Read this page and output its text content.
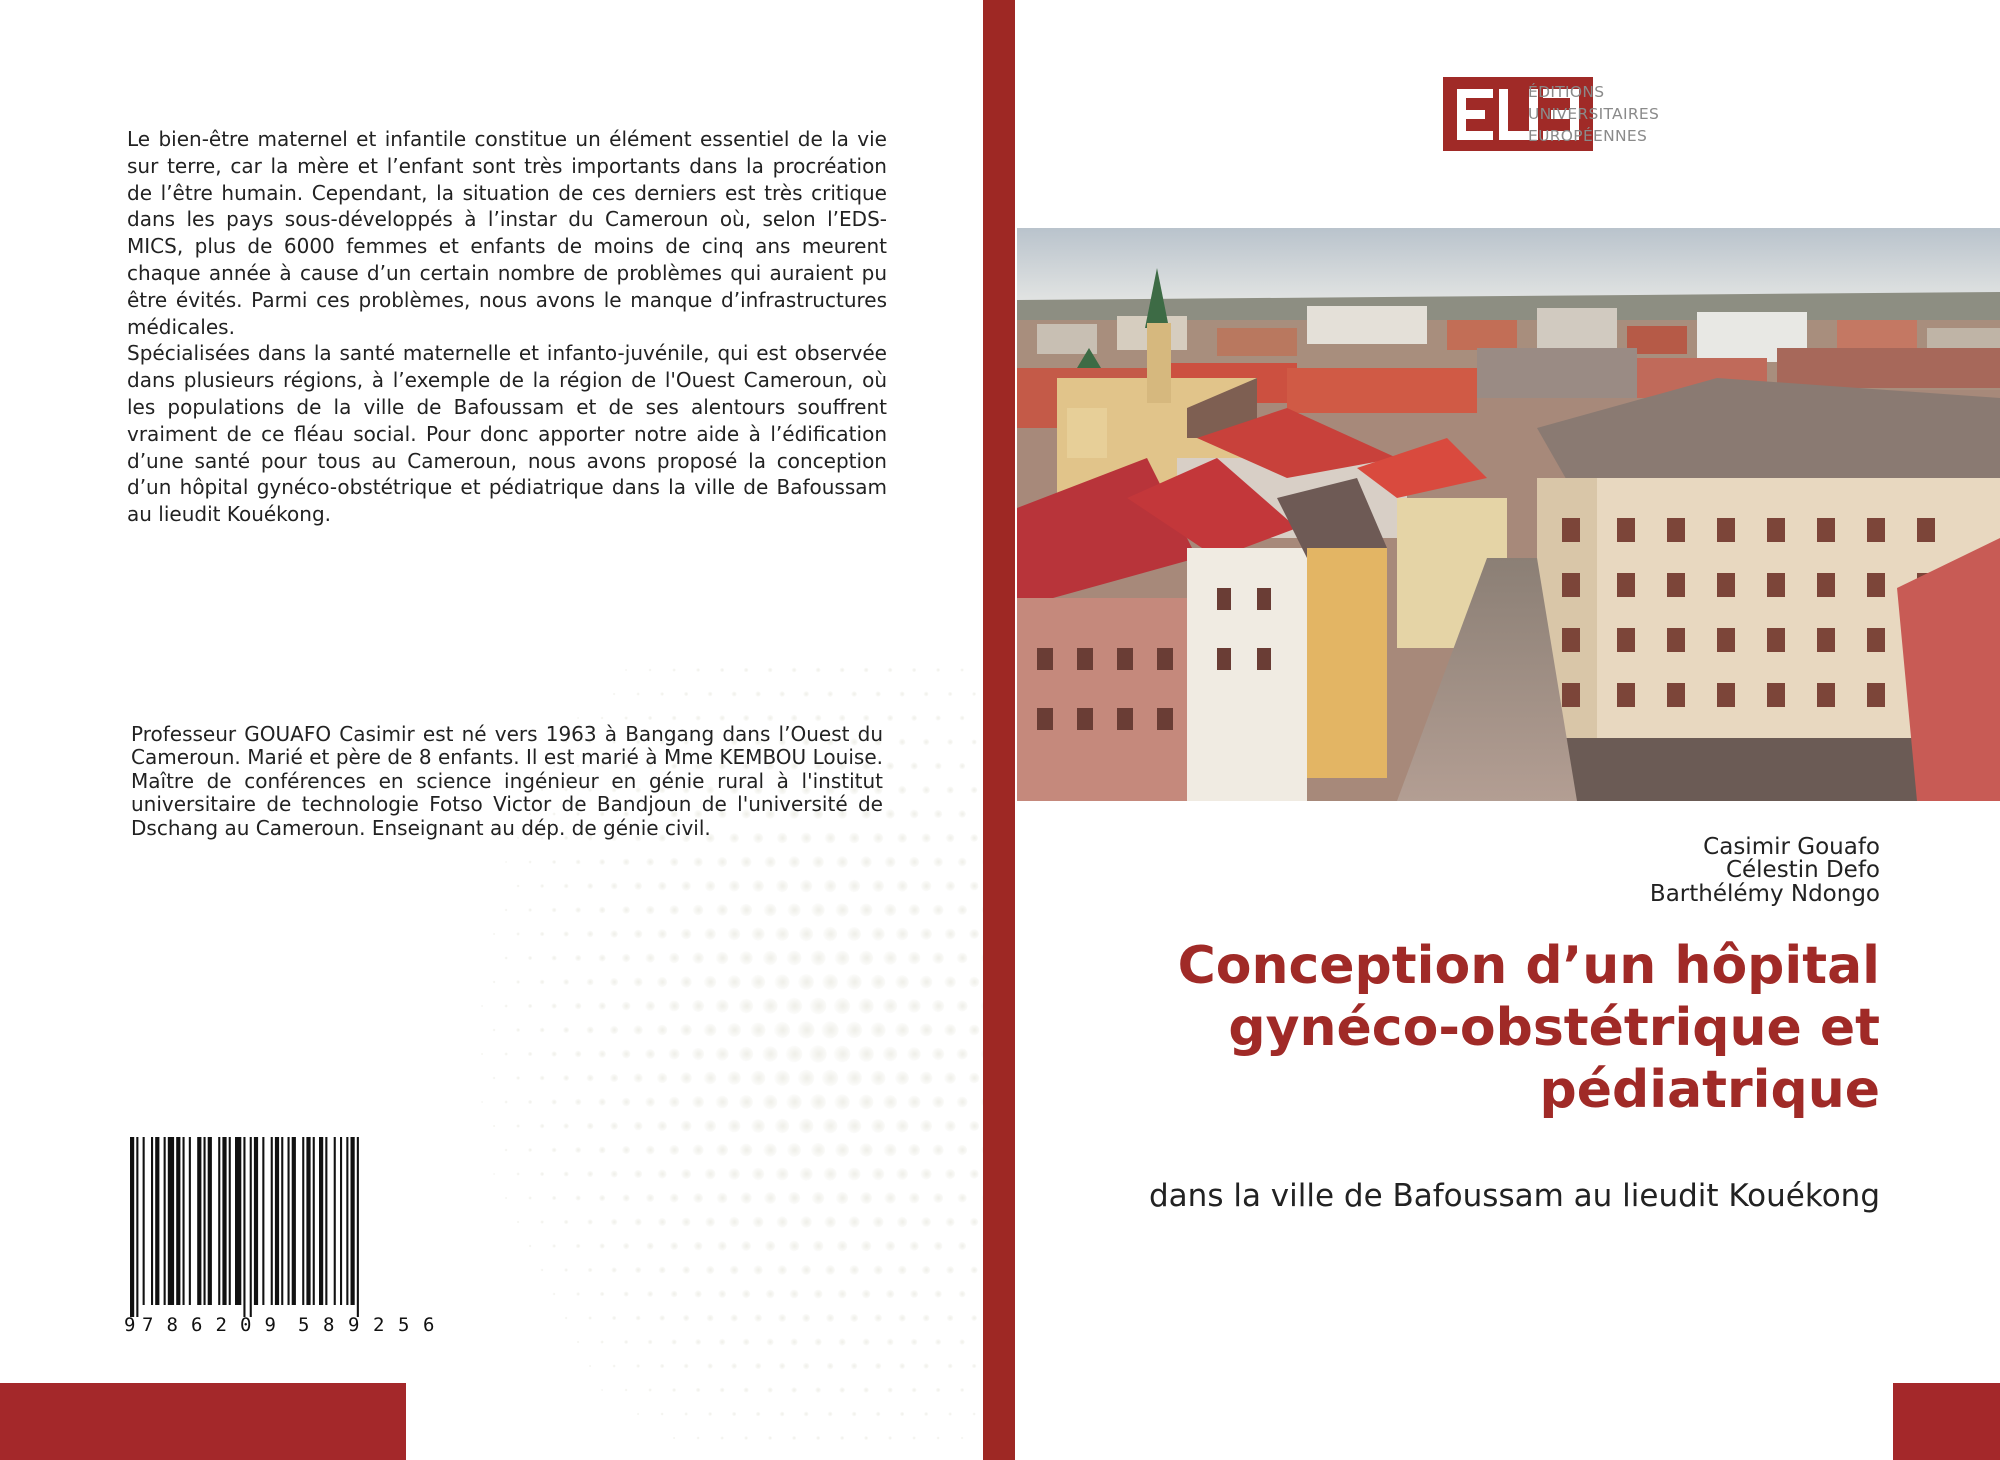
Le bien-être maternel et infantile constitue un élément essentiel de la vie sur terre, car la mère et l’enfant sont très importants dans la procréation de l’être humain. Cependant, la situation de ces derniers est très critique dans les pays sous-développés à l’instar du Cameroun où, selon l’EDS-MICS, plus de 6000 femmes et enfants de moins de cinq ans meurent chaque année à cause d’un certain nombre de problèmes qui auraient pu être évités. Parmi ces problèmes, nous avons le manque d’infrastructures médicales.

Spécialisées dans la santé maternelle et infanto-juvénile, qui est observée dans plusieurs régions, à l’exemple de la région de l'Ouest Cameroun, où les populations de la ville de Bafoussam et de ses alentours souffrent vraiment de ce fléau social. Pour donc apporter notre aide à l’édification d’une santé pour tous au Cameroun, nous avons proposé la conception d’un hôpital gynéco-obstétrique et pédiatrique dans la ville de Bafoussam au lieudit Kouékong.

Professeur GOUAFO Casimir est né vers 1963 à Bangang dans l’Ouest du Cameroun. Marié et père de 8 enfants. Il est marié à Mme KEMBOU Louise. Maître de conférences en science ingénieur en génie rural à l'institut universitaire de technologie Fotso Victor de Bandjoun de l'université de Dschang au Cameroun. Enseignant au dép. de génie civil.
9 7 8 6 2 0 9 5 8 9 2 5 6
ÉDITIONS
UNIVERSITAIRES
EUROPÉENNES
Casimir Gouafo
Célestin Defo
Barthélémy Ndongo
Conception d’un hôpital
gynéco-obstétrique et
pédiatrique
dans la ville de Bafoussam au lieudit Kouékong
